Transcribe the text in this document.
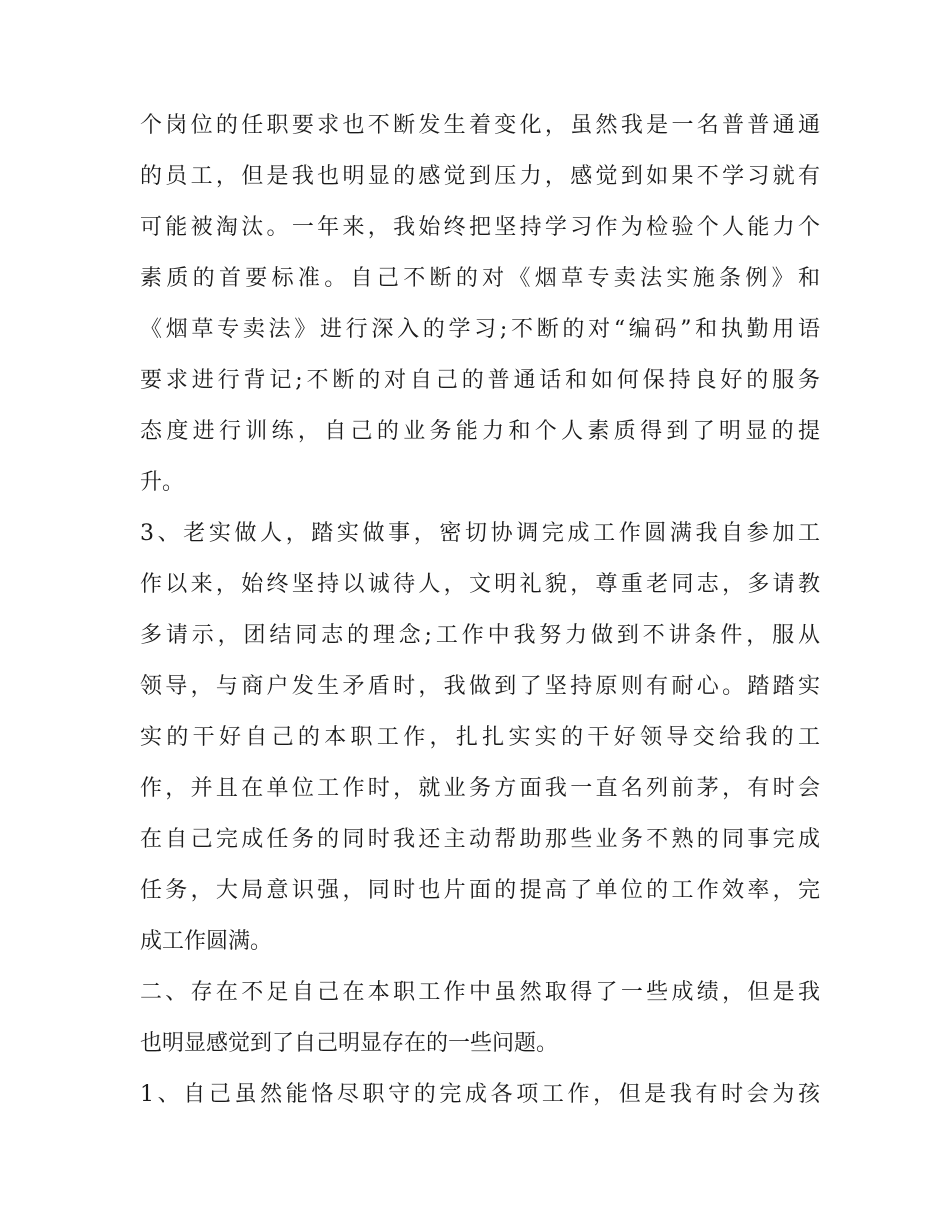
个岗位的任职要求也不断发生着变化，虽然我是一名普普通通

的员工，但是我也明显的感觉到压力，感觉到如果不学习就有

可能被淘汰。一年来，我始终把坚持学习作为检验个人能力个

素质的首要标准。自己不断的对《烟草专卖法实施条例》和

《烟草专卖法》进行深入的学习;不断的对“编码”和执勤用语

要求进行背记;不断的对自己的普通话和如何保持良好的服务

态度进行训练，自己的业务能力和个人素质得到了明显的提

升。

3、老实做人，踏实做事，密切协调完成工作圆满我自参加工

作以来，始终坚持以诚待人，文明礼貌，尊重老同志，多请教

多请示，团结同志的理念;工作中我努力做到不讲条件，服从

领导，与商户发生矛盾时，我做到了坚持原则有耐心。踏踏实

实的干好自己的本职工作，扎扎实实的干好领导交给我的工

作，并且在单位工作时，就业务方面我一直名列前茅，有时会

在自己完成任务的同时我还主动帮助那些业务不熟的同事完成

任务，大局意识强，同时也片面的提高了单位的工作效率，完

成工作圆满。

二、存在不足自己在本职工作中虽然取得了一些成绩，但是我

也明显感觉到了自己明显存在的一些问题。

1、自己虽然能恪尽职守的完成各项工作，但是我有时会为孩
